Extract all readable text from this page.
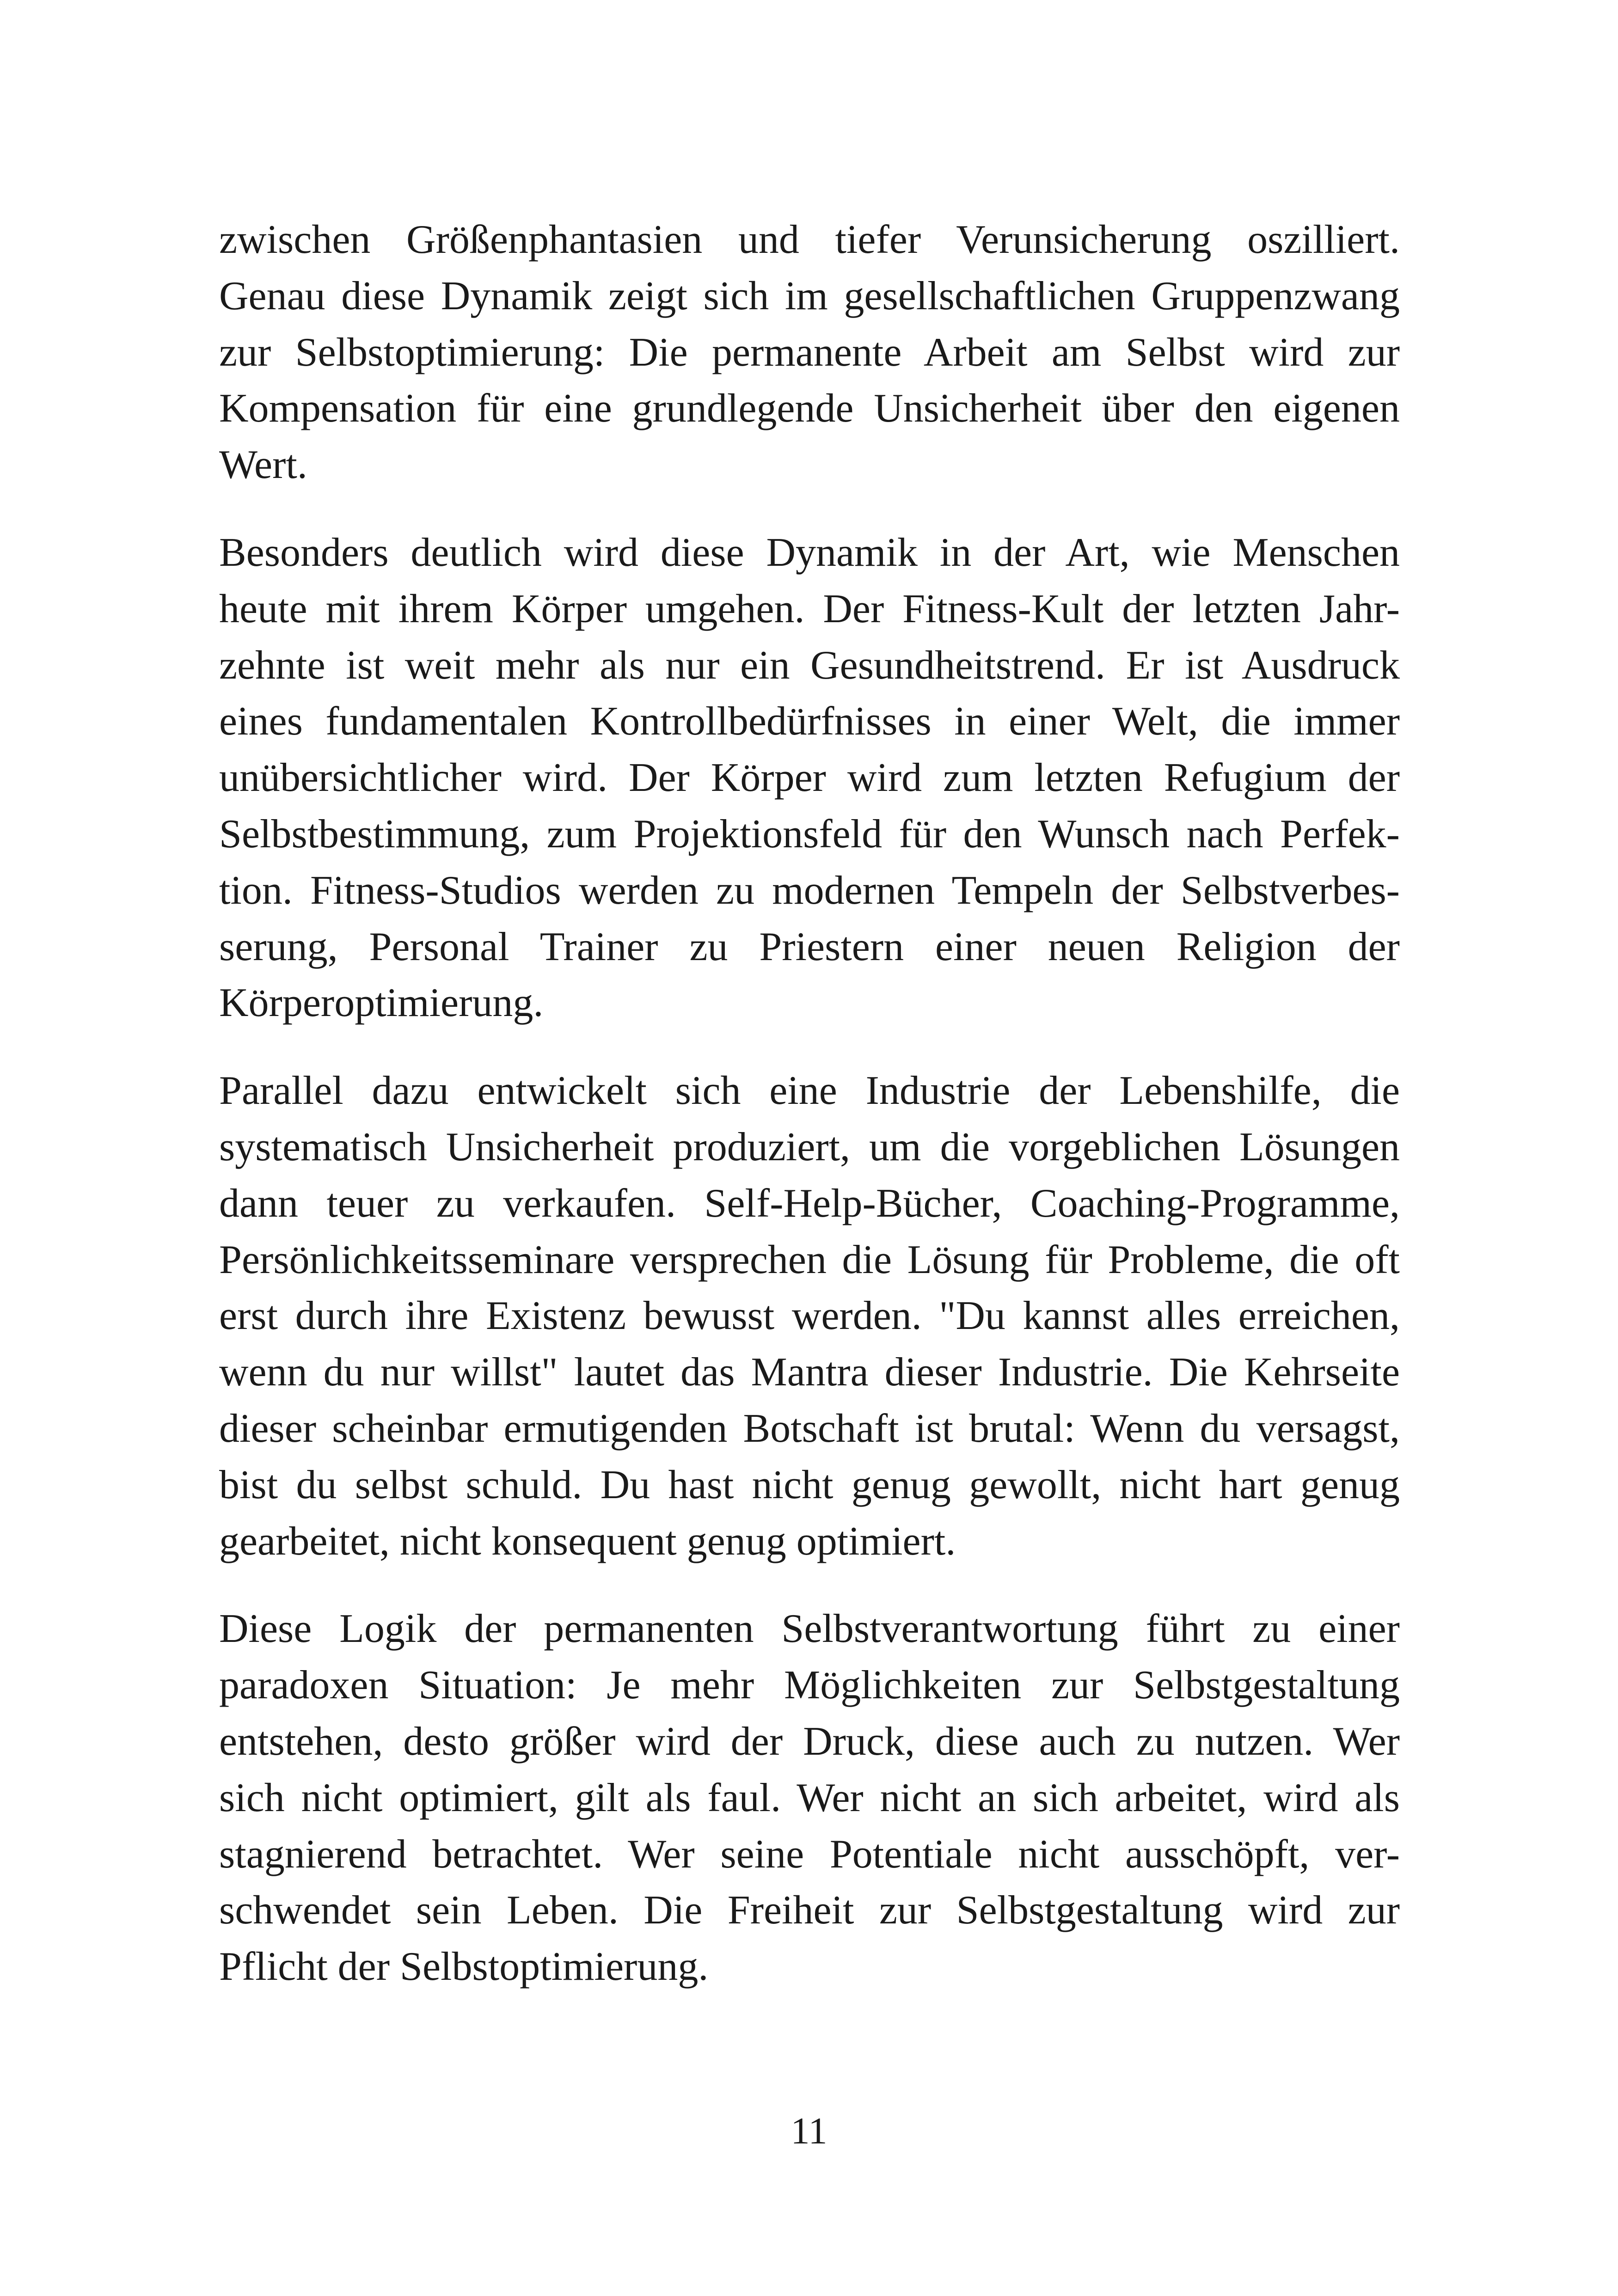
zwischen Größenphantasien und tiefer Verunsicherung oszilliert.
Genau diese Dynamik zeigt sich im gesellschaftlichen Gruppenzwang
zur Selbstoptimierung: Die permanente Arbeit am Selbst wird zur
Kompensation für eine grundlegende Unsicherheit über den eigenen
Wert.

Besonders deutlich wird diese Dynamik in der Art, wie Menschen
heute mit ihrem Körper umgehen. Der Fitness-Kult der letzten Jahr-
zehnte ist weit mehr als nur ein Gesundheitstrend. Er ist Ausdruck
eines fundamentalen Kontrollbedürfnisses in einer Welt, die immer
unübersichtlicher wird. Der Körper wird zum letzten Refugium der
Selbstbestimmung, zum Projektionsfeld für den Wunsch nach Perfek-
tion. Fitness-Studios werden zu modernen Tempeln der Selbstverbes-
serung, Personal Trainer zu Priestern einer neuen Religion der
Körperoptimierung.

Parallel dazu entwickelt sich eine Industrie der Lebenshilfe, die
systematisch Unsicherheit produziert, um die vorgeblichen Lösungen
dann teuer zu verkaufen. Self-Help-Bücher, Coaching-Programme,
Persönlichkeitsseminare versprechen die Lösung für Probleme, die oft
erst durch ihre Existenz bewusst werden. "Du kannst alles erreichen,
wenn du nur willst" lautet das Mantra dieser Industrie. Die Kehrseite
dieser scheinbar ermutigenden Botschaft ist brutal: Wenn du versagst,
bist du selbst schuld. Du hast nicht genug gewollt, nicht hart genug
gearbeitet, nicht konsequent genug optimiert.

Diese Logik der permanenten Selbstverantwortung führt zu einer
paradoxen Situation: Je mehr Möglichkeiten zur Selbstgestaltung
entstehen, desto größer wird der Druck, diese auch zu nutzen. Wer
sich nicht optimiert, gilt als faul. Wer nicht an sich arbeitet, wird als
stagnierend betrachtet. Wer seine Potentiale nicht ausschöpft, ver-
schwendet sein Leben. Die Freiheit zur Selbstgestaltung wird zur
Pflicht der Selbstoptimierung.

11
